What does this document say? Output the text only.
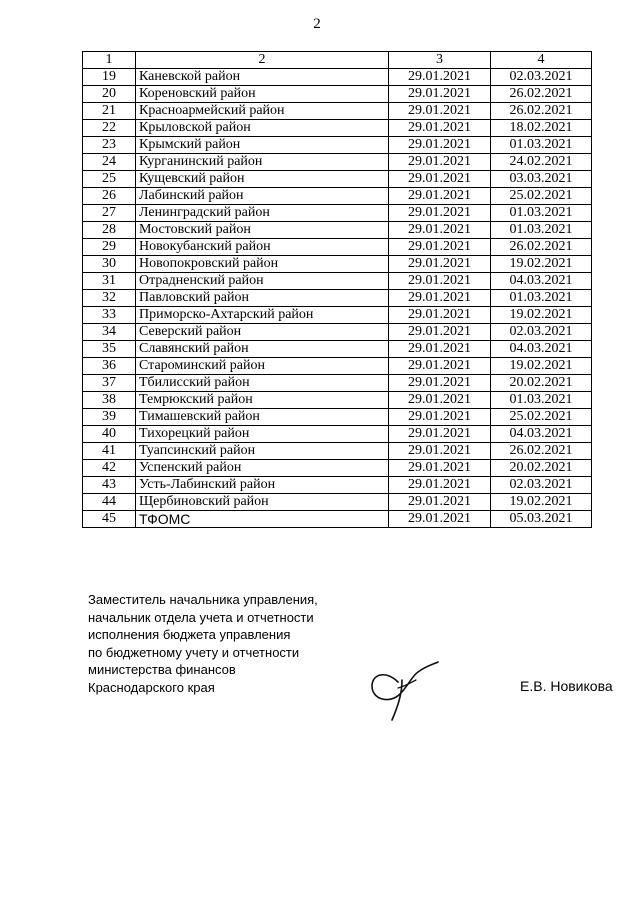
2
1	2	3	4
19	Каневской район	29.01.2021	02.03.2021
20	Кореновский район	29.01.2021	26.02.2021
21	Красноармейский район	29.01.2021	26.02.2021
22	Крыловской район	29.01.2021	18.02.2021
23	Крымский район	29.01.2021	01.03.2021
24	Курганинский район	29.01.2021	24.02.2021
25	Кущевский район	29.01.2021	03.03.2021
26	Лабинский район	29.01.2021	25.02.2021
27	Ленинградский район	29.01.2021	01.03.2021
28	Мостовский район	29.01.2021	01.03.2021
29	Новокубанский район	29.01.2021	26.02.2021
30	Новопокровский район	29.01.2021	19.02.2021
31	Отрадненский район	29.01.2021	04.03.2021
32	Павловский район	29.01.2021	01.03.2021
33	Приморско-Ахтарский район	29.01.2021	19.02.2021
34	Северский район	29.01.2021	02.03.2021
35	Славянский район	29.01.2021	04.03.2021
36	Староминский район	29.01.2021	19.02.2021
37	Тбилисский район	29.01.2021	20.02.2021
38	Темрюкский район	29.01.2021	01.03.2021
39	Тимашевский район	29.01.2021	25.02.2021
40	Тихорецкий район	29.01.2021	04.03.2021
41	Туапсинский район	29.01.2021	26.02.2021
42	Успенский район	29.01.2021	20.02.2021
43	Усть-Лабинский район	29.01.2021	02.03.2021
44	Щербиновский район	29.01.2021	19.02.2021
45	ТФОМС	29.01.2021	05.03.2021
Заместитель начальника управления,
начальник отдела учета и отчетности
исполнения бюджета управления
по бюджетному учету и отчетности
министерства финансов
Краснодарского края	Е.В. Новикова
